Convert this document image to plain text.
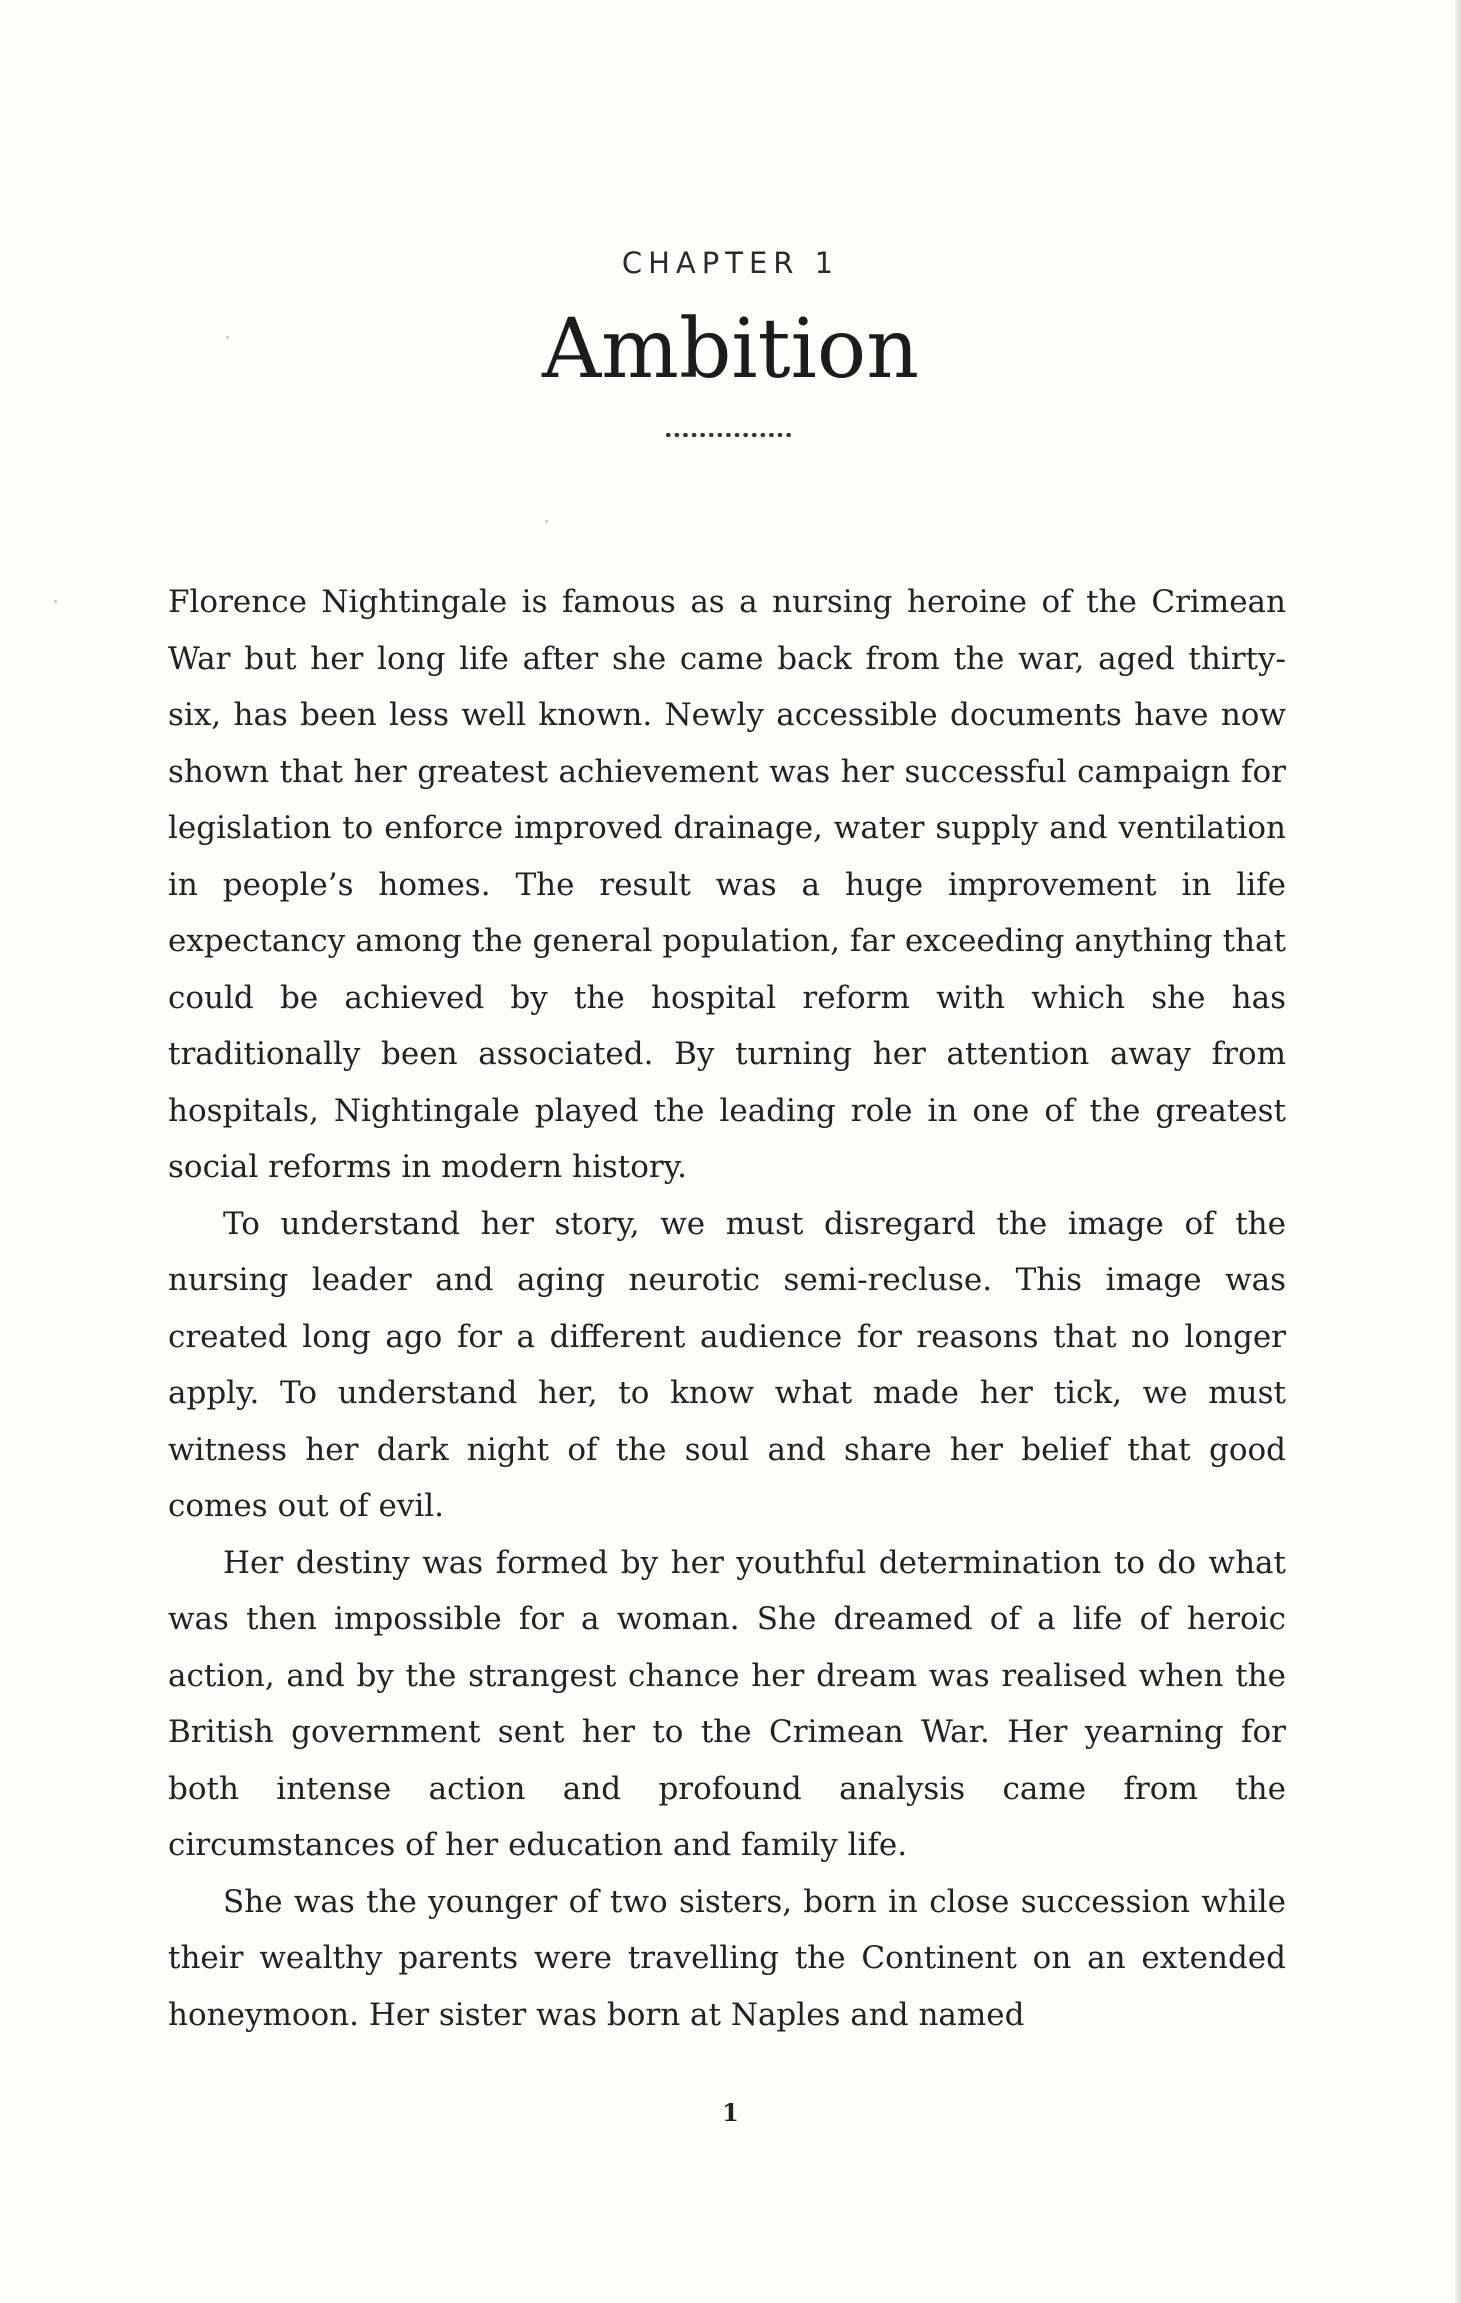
CHAPTER 1
Ambition

Florence Nightingale is famous as a nursing heroine of the Crimean War but her long life after she came back from the war, aged thirty-six, has been less well known. Newly accessible documents have now shown that her greatest achievement was her successful campaign for legislation to enforce improved drainage, water supply and ventilation in people’s homes. The result was a huge improvement in life expectancy among the general population, far exceeding anything that could be achieved by the hospital reform with which she has traditionally been associated. By turning her attention away from hospitals, Nightingale played the leading role in one of the greatest social reforms in modern history.

To understand her story, we must disregard the image of the nursing leader and aging neurotic semi-recluse. This image was created long ago for a different audience for reasons that no longer apply. To understand her, to know what made her tick, we must witness her dark night of the soul and share her belief that good comes out of evil.

Her destiny was formed by her youthful determination to do what was then impossible for a woman. She dreamed of a life of heroic action, and by the strangest chance her dream was realised when the British government sent her to the Crimean War. Her yearning for both intense action and profound analysis came from the circumstances of her education and family life.

She was the younger of two sisters, born in close succession while their wealthy parents were travelling the Continent on an extended honeymoon. Her sister was born at Naples and named

1
